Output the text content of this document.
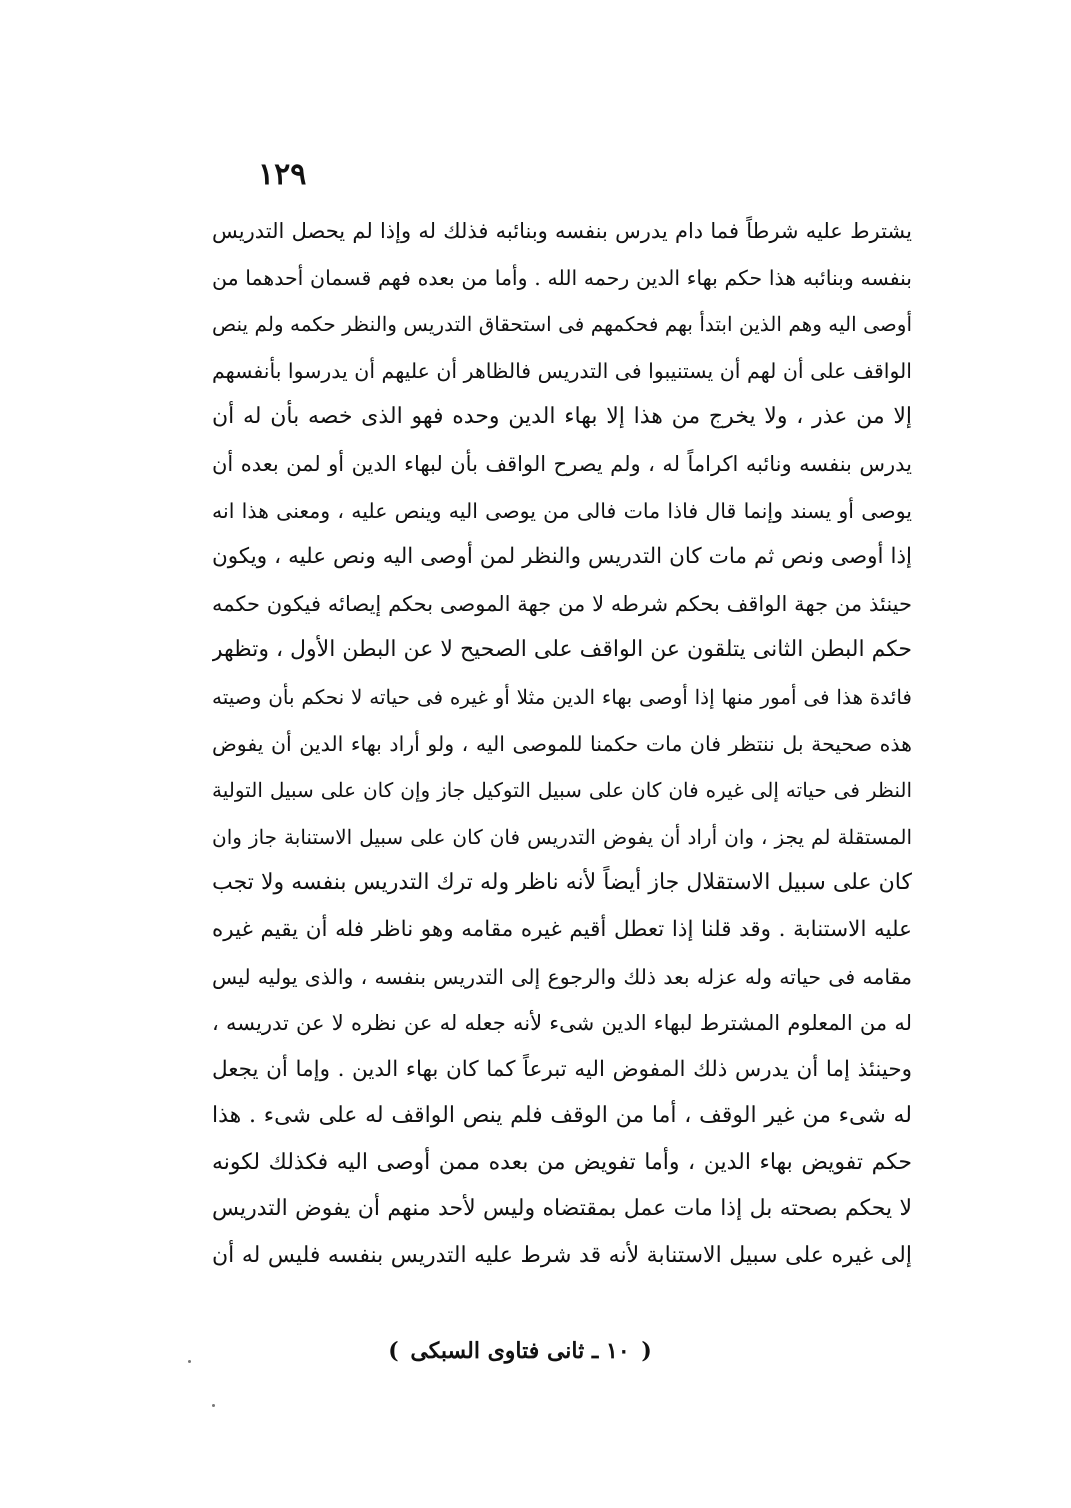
١٢٩
يشترط عليه شرطاً فما دام يدرس بنفسه وبنائبه فذلك له وإذا لم يحصل التدريس
بنفسه وبنائبه هذا حكم بهاء الدين رحمه الله . وأما من بعده فهم قسمان أحدهما من
أوصى اليه وهم الذين ابتدأ بهم فحكمهم فى استحقاق التدريس والنظر حكمه ولم ينص
الواقف على أن لهم أن يستنيبوا فى التدريس فالظاهر أن عليهم أن يدرسوا بأنفسهم
إلا من عذر ، ولا يخرج من هذا إلا بهاء الدين وحده فهو الذى خصه بأن له أن
يدرس بنفسه ونائبه اكراماً له ، ولم يصرح الواقف بأن لبهاء الدين أو لمن بعده أن
يوصى أو يسند وإنما قال فاذا مات فالى من يوصى اليه وينص عليه ، ومعنى هذا انه
إذا أوصى ونص ثم مات كان التدريس والنظر لمن أوصى اليه ونص عليه ، ويكون
حينئذ من جهة الواقف بحكم شرطه لا من جهة الموصى بحكم إيصائه فيكون حكمه
حكم البطن الثانى يتلقون عن الواقف على الصحيح لا عن البطن الأول ، وتظهر
فائدة هذا فى أمور منها إذا أوصى بهاء الدين مثلا أو غيره فى حياته لا نحكم بأن وصيته
هذه صحيحة بل ننتظر فان مات حكمنا للموصى اليه ، ولو أراد بهاء الدين أن يفوض
النظر فى حياته إلى غيره فان كان على سبيل التوكيل جاز وإن كان على سبيل التولية
المستقلة لم يجز ، وان أراد أن يفوض التدريس فان كان على سبيل الاستنابة جاز وان
كان على سبيل الاستقلال جاز أيضاً لأنه ناظر وله ترك التدريس بنفسه ولا تجب
عليه الاستنابة . وقد قلنا إذا تعطل أقيم غيره مقامه وهو ناظر فله أن يقيم غيره
مقامه فى حياته وله عزله بعد ذلك والرجوع إلى التدريس بنفسه ، والذى يوليه ليس
له من المعلوم المشترط لبهاء الدين شىء لأنه جعله له عن نظره لا عن تدريسه ،
وحينئذ إما أن يدرس ذلك المفوض اليه تبرعاً كما كان بهاء الدين . وإما أن يجعل
له شىء من غير الوقف ، أما من الوقف فلم ينص الواقف له على شىء . هذا
حكم تفويض بهاء الدين ، وأما تفويض من بعده ممن أوصى اليه فكذلك لكونه
لا يحكم بصحته بل إذا مات عمل بمقتضاه وليس لأحد منهم أن يفوض التدريس
إلى غيره على سبيل الاستنابة لأنه قد شرط عليه التدريس بنفسه فليس له أن
( ١٠ ـ ثانى فتاوى السبكى )
